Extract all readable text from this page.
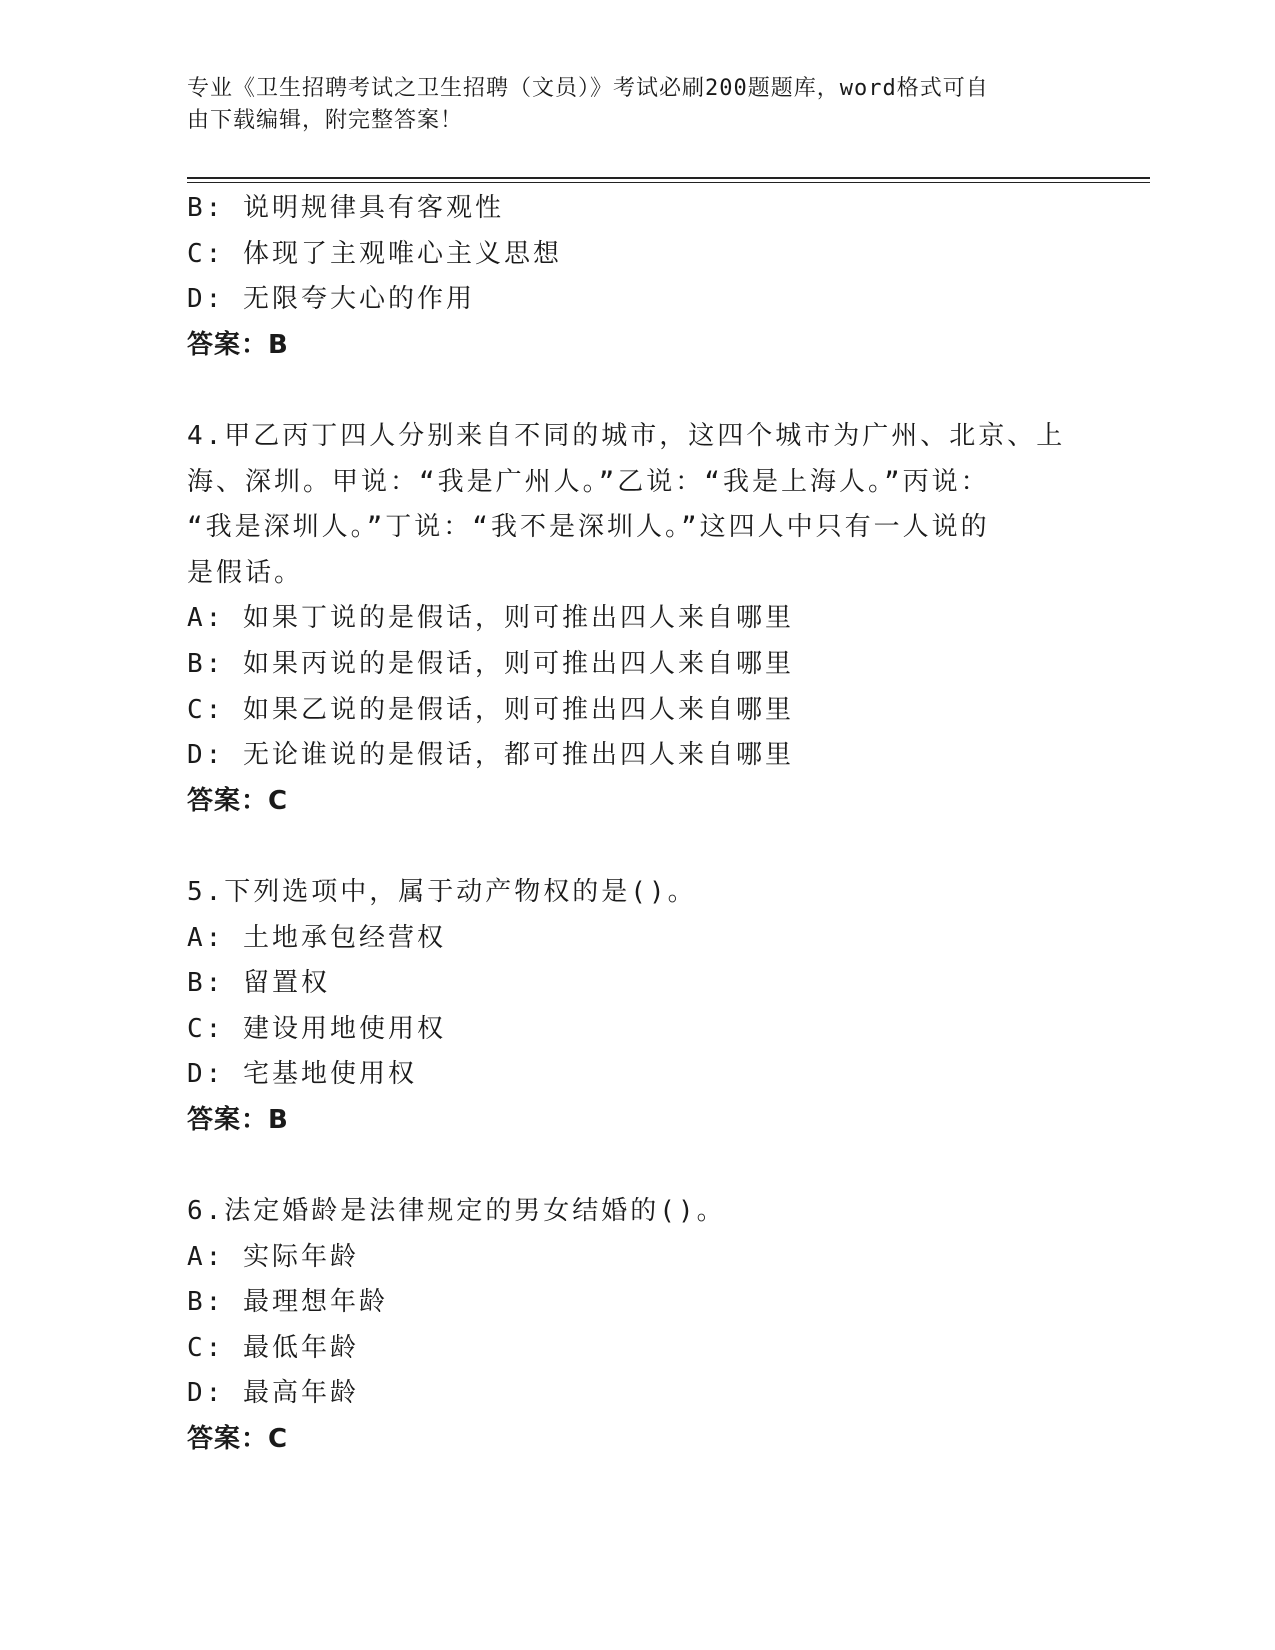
专业《卫生招聘考试之卫生招聘（文员）》考试必刷200题题库，word格式可自
由下载编辑，附完整答案！
B: 说明规律具有客观性
C: 体现了主观唯心主义思想
D: 无限夸大心的作用
答案：B
4.甲乙丙丁四人分别来自不同的城市，这四个城市为广州、北京、上
海、深圳。甲说：“我是广州人。”乙说：“我是上海人。”丙说：
“我是深圳人。”丁说：“我不是深圳人。”这四人中只有一人说的
是假话。
A: 如果丁说的是假话，则可推出四人来自哪里
B: 如果丙说的是假话，则可推出四人来自哪里
C: 如果乙说的是假话，则可推出四人来自哪里
D: 无论谁说的是假话，都可推出四人来自哪里
答案：C
5.下列选项中，属于动产物权的是()。
A: 土地承包经营权
B: 留置权
C: 建设用地使用权
D: 宅基地使用权
答案：B
6.法定婚龄是法律规定的男女结婚的()。
A: 实际年龄
B: 最理想年龄
C: 最低年龄
D: 最高年龄
答案：C
